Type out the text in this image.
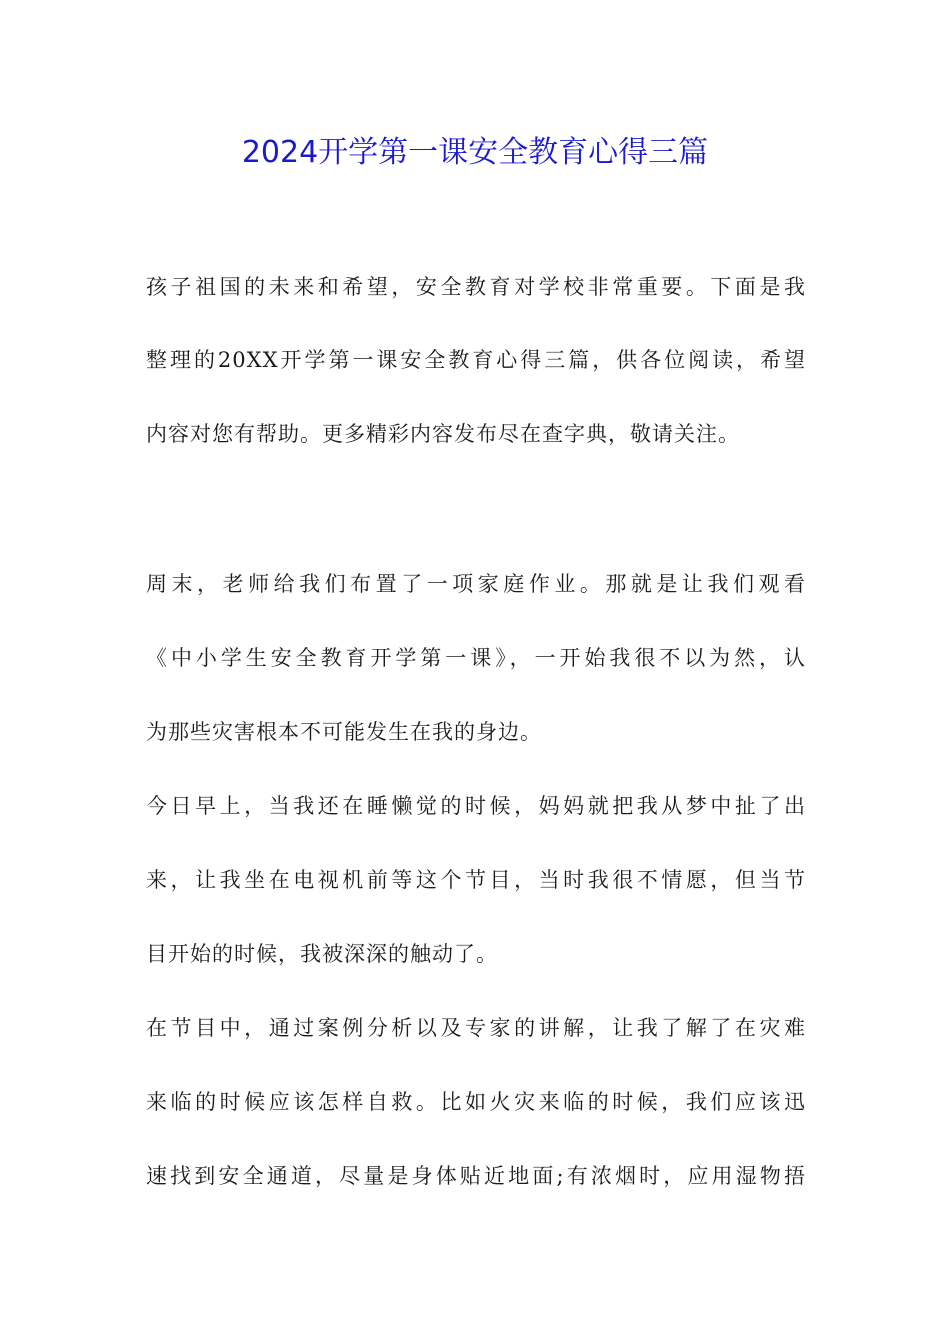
2024开学第一课安全教育心得三篇
孩子祖国的未来和希望，安全教育对学校非常重要。下面是我
整理的20XX开学第一课安全教育心得三篇，供各位阅读，希望
内容对您有帮助。更多精彩内容发布尽在查字典，敬请关注。
周末，老师给我们布置了一项家庭作业。那就是让我们观看
《中小学生安全教育开学第一课》，一开始我很不以为然，认
为那些灾害根本不可能发生在我的身边。
今日早上，当我还在睡懒觉的时候，妈妈就把我从梦中扯了出
来，让我坐在电视机前等这个节目，当时我很不情愿，但当节
目开始的时候，我被深深的触动了。
在节目中，通过案例分析以及专家的讲解，让我了解了在灾难
来临的时候应该怎样自救。比如火灾来临的时候，我们应该迅
速找到安全通道，尽量是身体贴近地面;有浓烟时，应用湿物捂
